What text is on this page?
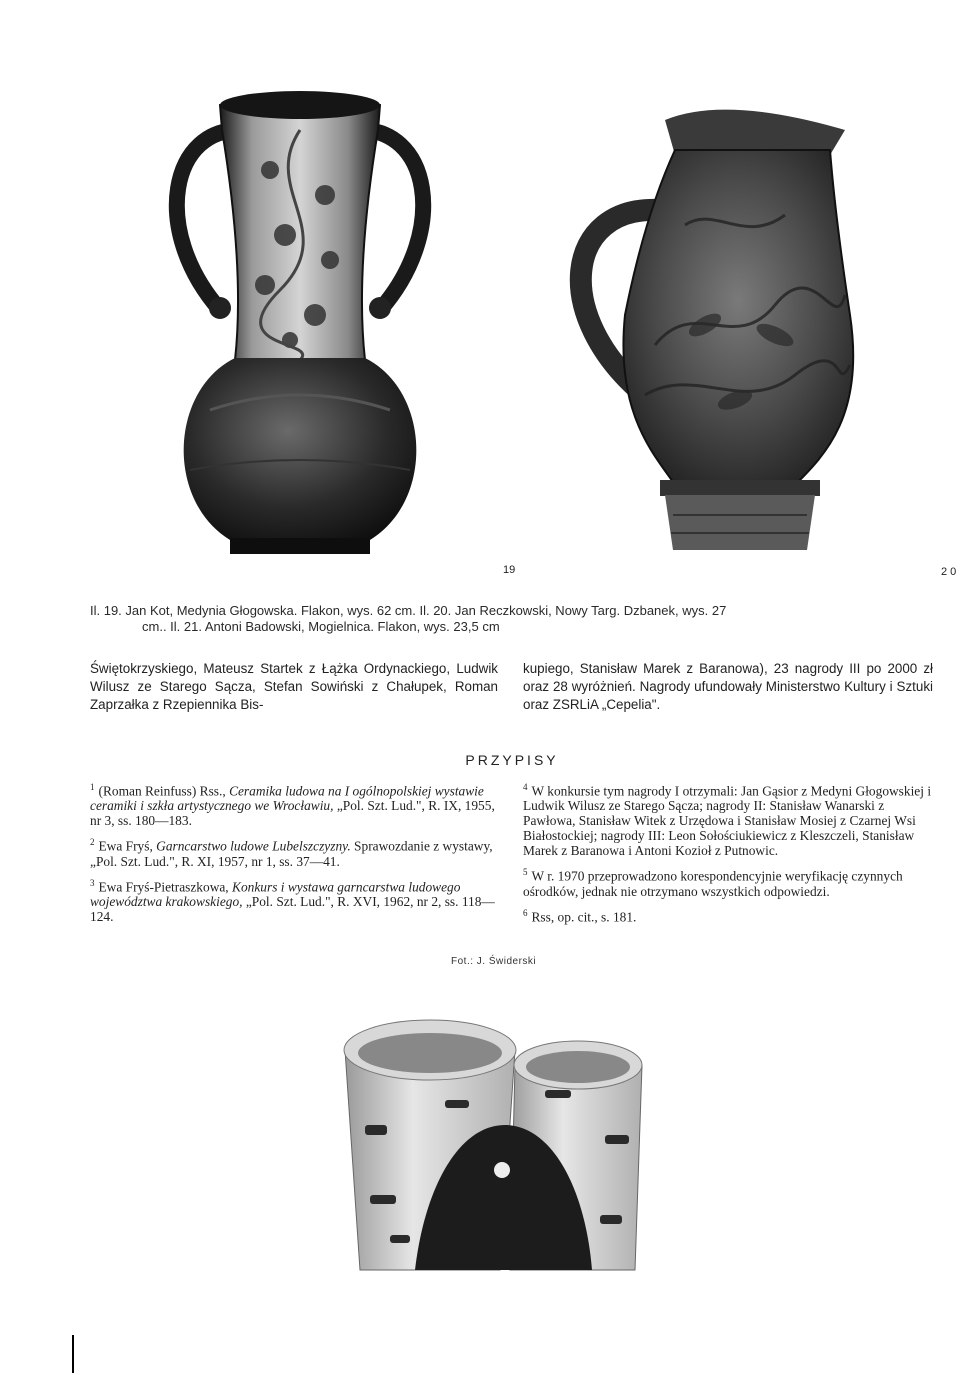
19	2 0
Il. 19. Jan Kot, Medynia Głogowska. Flakon, wys. 62 cm. Il. 20. Jan Reczkowski, Nowy Targ. Dzbanek, wys. 27
cm.. Il. 21. Antoni Badowski, Mogielnica. Flakon, wys. 23,5 cm
Świętokrzyskiego, Mateusz Startek z Łążka Ordynackiego, Ludwik Wilusz ze Starego Sącza, Stefan Sowiński z Chałupek, Roman Zaprzałka z Rzepiennika Bis-
kupiego, Stanisław Marek z Baranowa), 23 nagrody III po 2000 zł oraz 28 wyróżnień. Nagrody ufundowały Ministerstwo Kultury i Sztuki oraz ZSRLiA „Cepelia".
PRZYPISY

$^1$ (Roman Reinfuss) Rss., Ceramika ludowa na I ogólnopolskiej wystawie ceramiki i szkła artystycznego we Wrocławiu, „Pol. Szt. Lud.", R. IX, 1955, nr 3, ss. 180—183.

$^2$ Ewa Fryś, Garncarstwo ludowe Lubelszczyzny. Sprawozdanie z wystawy, „Pol. Szt. Lud.", R. XI, 1957, nr 1, ss. 37—41.

$^3$ Ewa Fryś-Pietraszkowa, Konkurs i wystawa garncarstwa ludowego województwa krakowskiego, „Pol. Szt. Lud.", R. XVI, 1962, nr 2, ss. 118—124.

$^4$ W konkursie tym nagrody I otrzymali: Jan Gąsior z Medyni Głogowskiej i Ludwik Wilusz ze Starego Sącza; nagrody II: Stanisław Wanarski z Pawłowa, Stanisław Witek z Urzędowa i Stanisław Mosiej z Czarnej Wsi Białostockiej; nagrody III: Leon Sołościukiewicz z Kleszczeli, Stanisław Marek z Baranowa i Antoni Kozioł z Putnowic.

$^5$ W r. 1970 przeprowadzono korespondencyjnie weryfikację czynnych ośrodków, jednak nie otrzymano wszystkich odpowiedzi.

$^6$ Rss, op. cit., s. 181.

Fot.: J. Świderski
